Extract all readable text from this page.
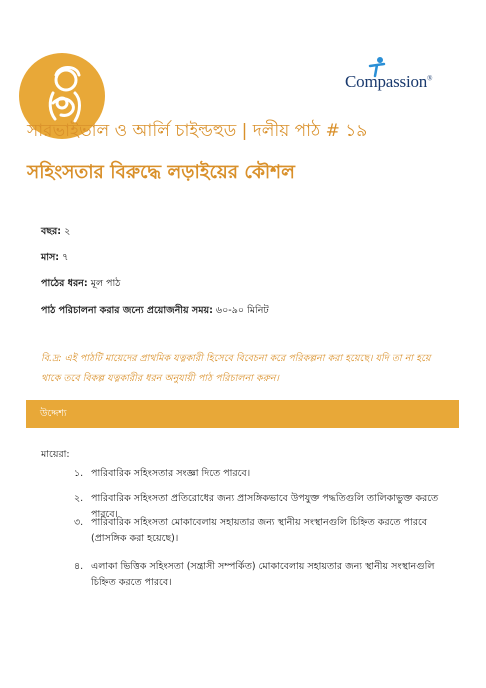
Compassion®
সারভাইভাল ও আর্লি চাইল্ডহুড | দলীয় পাঠ # ১৯
সহিংসতার বিরুদ্ধে লড়াইয়ের কৌশল
বছর: ২
মাস: ৭
পাঠের ধরন: মূল পাঠ
পাঠ পরিচালনা করার জন্যে প্রয়োজনীয় সময়: ৬০-৯০ মিনিট
বি.দ্র: এই পাঠটি মায়েদের প্রাথমিক যত্নকারী হিসেবে বিবেচনা করে পরিকল্পনা করা হয়েছে। যদি তা না হয়ে থাকে তবে বিকল্প যত্নকারীর ধরন অনুযায়ী পাঠ পরিচালনা করুন।
উদ্দেশ্য
মায়েরা:
১. পারিবারিক সহিংসতার সংজ্ঞা দিতে পারবে।
২. পারিবারিক সহিংসতা প্রতিরোধের জন্য প্রাসঙ্গিকভাবে উপযুক্ত পদ্ধতিগুলি তালিকাভুক্ত করতে পারবে।
৩. পারিবারিক সহিংসতা মোকাবেলায় সহায়তার জন্য স্থানীয় সংস্থানগুলি চিহ্নিত করতে পারবে (প্রাসঙ্গিক করা হয়েছে)।
৪. এলাকা ভিত্তিক সহিংসতা (সন্ত্রাসী সম্পর্কিত) মোকাবেলায় সহায়তার জন্য স্থানীয় সংস্থানগুলি চিহ্নিত করতে পারবে।
